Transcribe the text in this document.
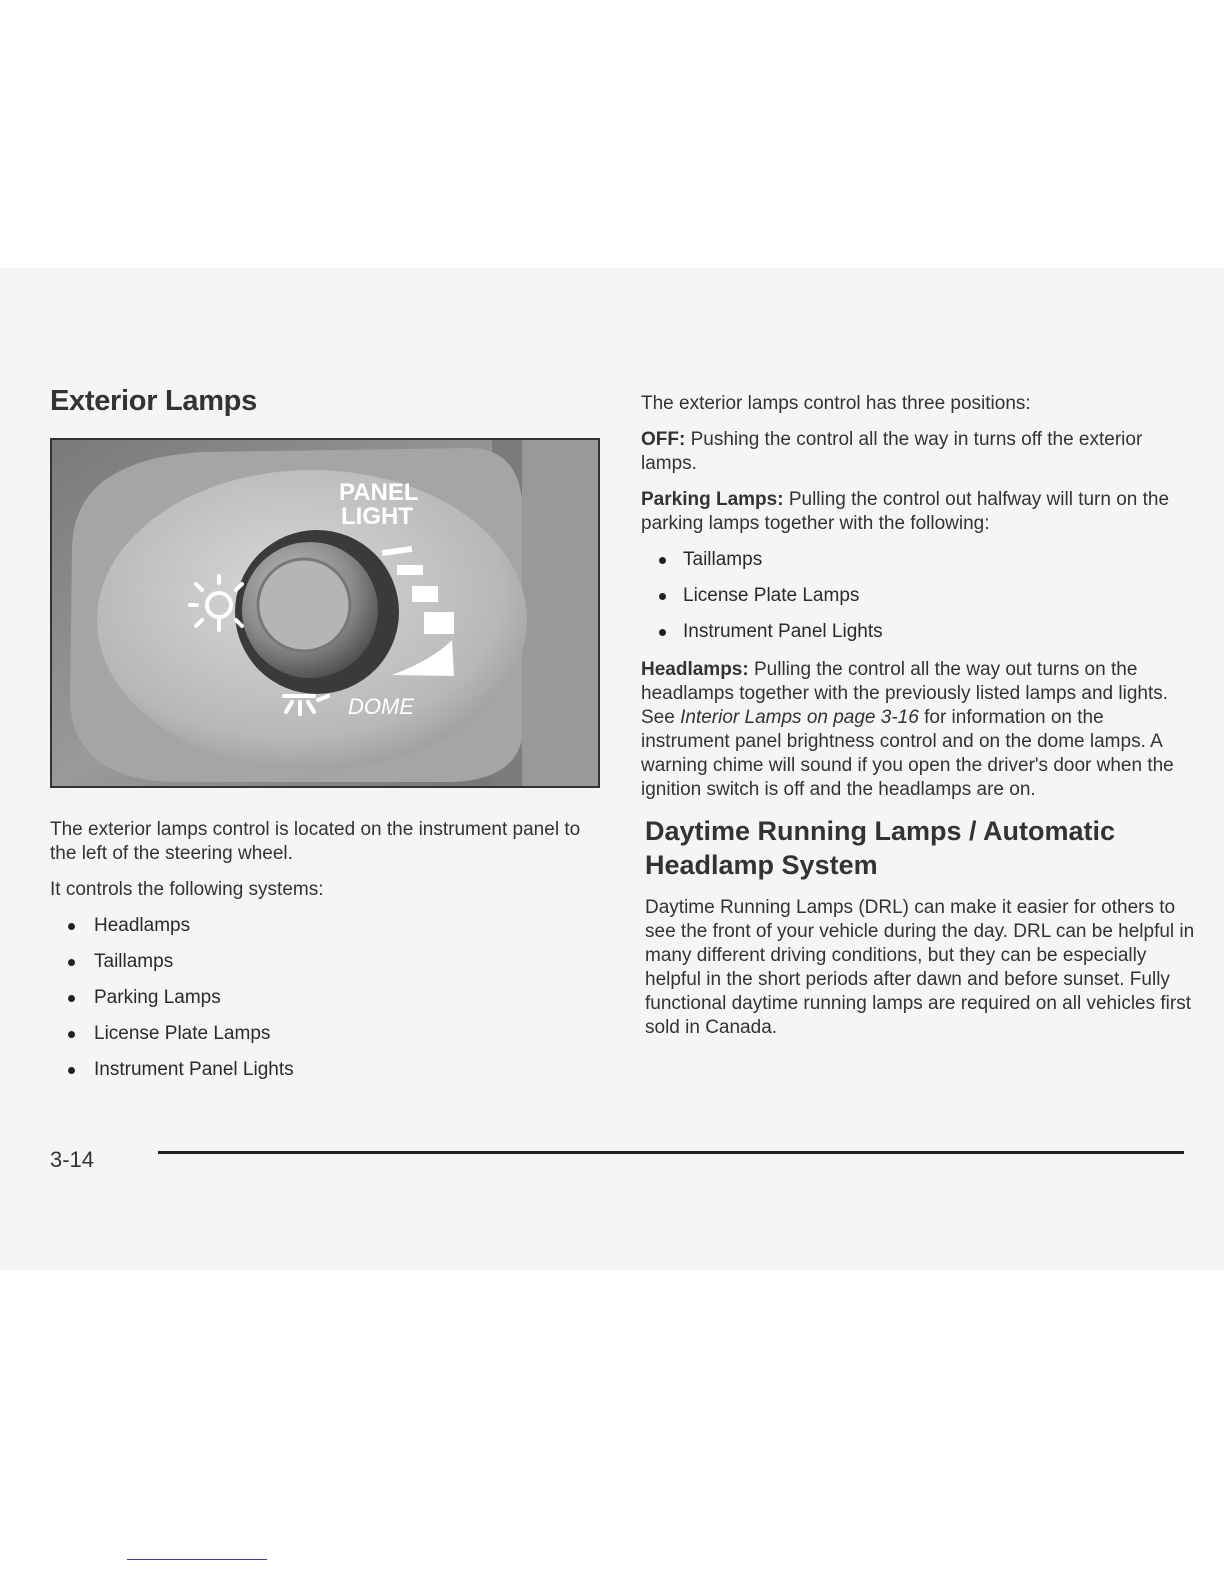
Exterior Lamps
PANEL
LIGHT
DOME

The exterior lamps control is located on the instrument panel to the left of the steering wheel.

It controls the following systems:

Headlamps
Taillamps
Parking Lamps
License Plate Lamps
Instrument Panel Lights

The exterior lamps control has three positions:

OFF: Pushing the control all the way in turns off the exterior lamps.

Parking Lamps: Pulling the control out halfway will turn on the parking lamps together with the following:

Taillamps
License Plate Lamps
Instrument Panel Lights

Headlamps: Pulling the control all the way out turns on the headlamps together with the previously listed lamps and lights. See Interior Lamps on page 3-16 for information on the instrument panel brightness control and on the dome lamps. A warning chime will sound if you open the driver's door when the ignition switch is off and the headlamps are on.

Daytime Running Lamps / Automatic Headlamp System

Daytime Running Lamps (DRL) can make it easier for others to see the front of your vehicle during the day. DRL can be helpful in many different driving conditions, but they can be especially helpful in the short periods after dawn and before sunset. Fully functional daytime running lamps are required on all vehicles first sold in Canada.

3-14
